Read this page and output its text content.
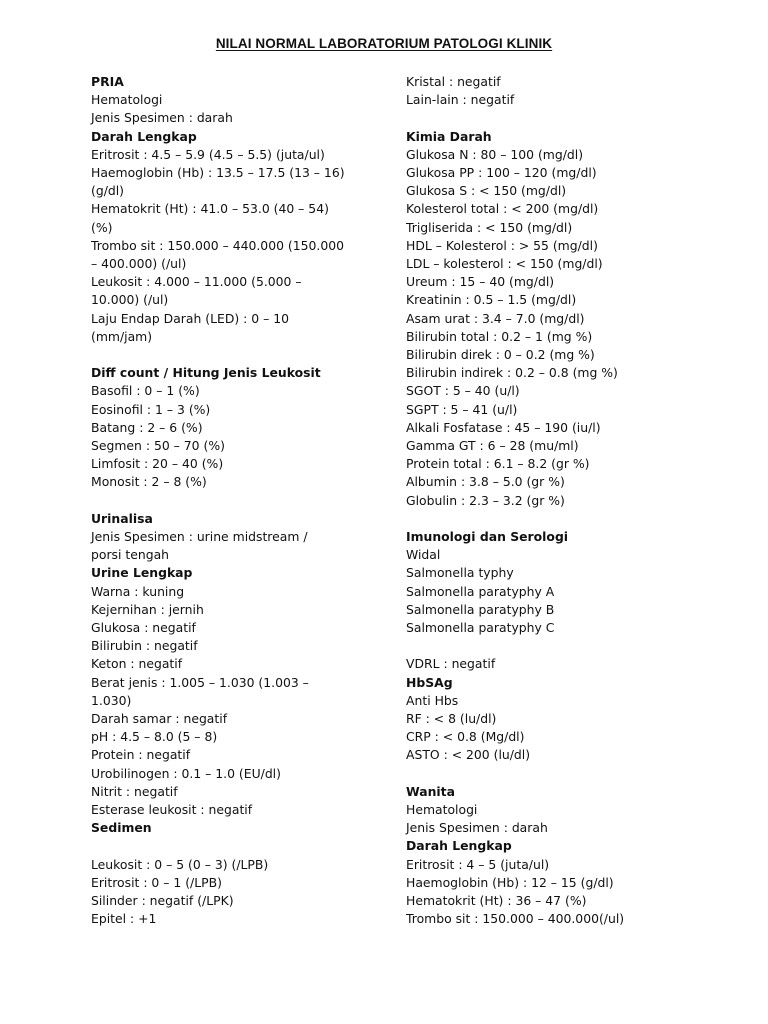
NILAI NORMAL LABORATORIUM PATOLOGI KLINIK
PRIA
Hematologi
Jenis Spesimen : darah
Darah Lengkap
Eritrosit : 4.5 – 5.9 (4.5 – 5.5) (juta/ul)
Haemoglobin (Hb) : 13.5 – 17.5 (13 – 16)
(g/dl)
Hematokrit (Ht) : 41.0 – 53.0 (40 – 54)
(%)
Trombo sit : 150.000 – 440.000 (150.000
– 400.000) (/ul)
Leukosit : 4.000 – 11.000 (5.000 –
10.000) (/ul)
Laju Endap Darah (LED) : 0 – 10
(mm/jam)
Diff count / Hitung Jenis Leukosit
Basofil : 0 – 1 (%)
Eosinofil : 1 – 3 (%)
Batang : 2 – 6 (%)
Segmen : 50 – 70 (%)
Limfosit : 20 – 40 (%)
Monosit : 2 – 8 (%)
Urinalisa
Jenis Spesimen : urine midstream /
porsi tengah
Urine Lengkap
Warna : kuning
Kejernihan : jernih
Glukosa : negatif
Bilirubin : negatif
Keton : negatif
Berat jenis : 1.005 – 1.030 (1.003 –
1.030)
Darah samar : negatif
pH : 4.5 – 8.0 (5 – 8)
Protein : negatif
Urobilinogen : 0.1 – 1.0 (EU/dl)
Nitrit : negatif
Esterase leukosit : negatif
Sedimen
Leukosit : 0 – 5 (0 – 3) (/LPB)
Eritrosit : 0 – 1 (/LPB)
Silinder : negatif (/LPK)
Epitel : +1
Kristal : negatif
Lain-lain : negatif
Kimia Darah
Glukosa N : 80 – 100 (mg/dl)
Glukosa PP : 100 – 120 (mg/dl)
Glukosa S : < 150 (mg/dl)
Kolesterol total : < 200 (mg/dl)
Trigliserida : < 150 (mg/dl)
HDL – Kolesterol : > 55 (mg/dl)
LDL – kolesterol : < 150 (mg/dl)
Ureum : 15 – 40 (mg/dl)
Kreatinin : 0.5 – 1.5 (mg/dl)
Asam urat : 3.4 – 7.0 (mg/dl)
Bilirubin total : 0.2 – 1 (mg %)
Bilirubin direk : 0 – 0.2 (mg %)
Bilirubin indirek : 0.2 – 0.8 (mg %)
SGOT : 5 – 40 (u/l)
SGPT : 5 – 41 (u/l)
Alkali Fosfatase : 45 – 190 (iu/l)
Gamma GT : 6 – 28 (mu/ml)
Protein total : 6.1 – 8.2 (gr %)
Albumin : 3.8 – 5.0 (gr %)
Globulin : 2.3 – 3.2 (gr %)
Imunologi dan Serologi
Widal
Salmonella typhy
Salmonella paratyphy A
Salmonella paratyphy B
Salmonella paratyphy C
VDRL : negatif
HbSAg
Anti Hbs
RF : < 8 (lu/dl)
CRP : < 0.8 (Mg/dl)
ASTO : < 200 (lu/dl)
Wanita
Hematologi
Jenis Spesimen : darah
Darah Lengkap
Eritrosit : 4 – 5 (juta/ul)
Haemoglobin (Hb) : 12 – 15 (g/dl)
Hematokrit (Ht) : 36 – 47 (%)
Trombo sit : 150.000 – 400.000(/ul)
